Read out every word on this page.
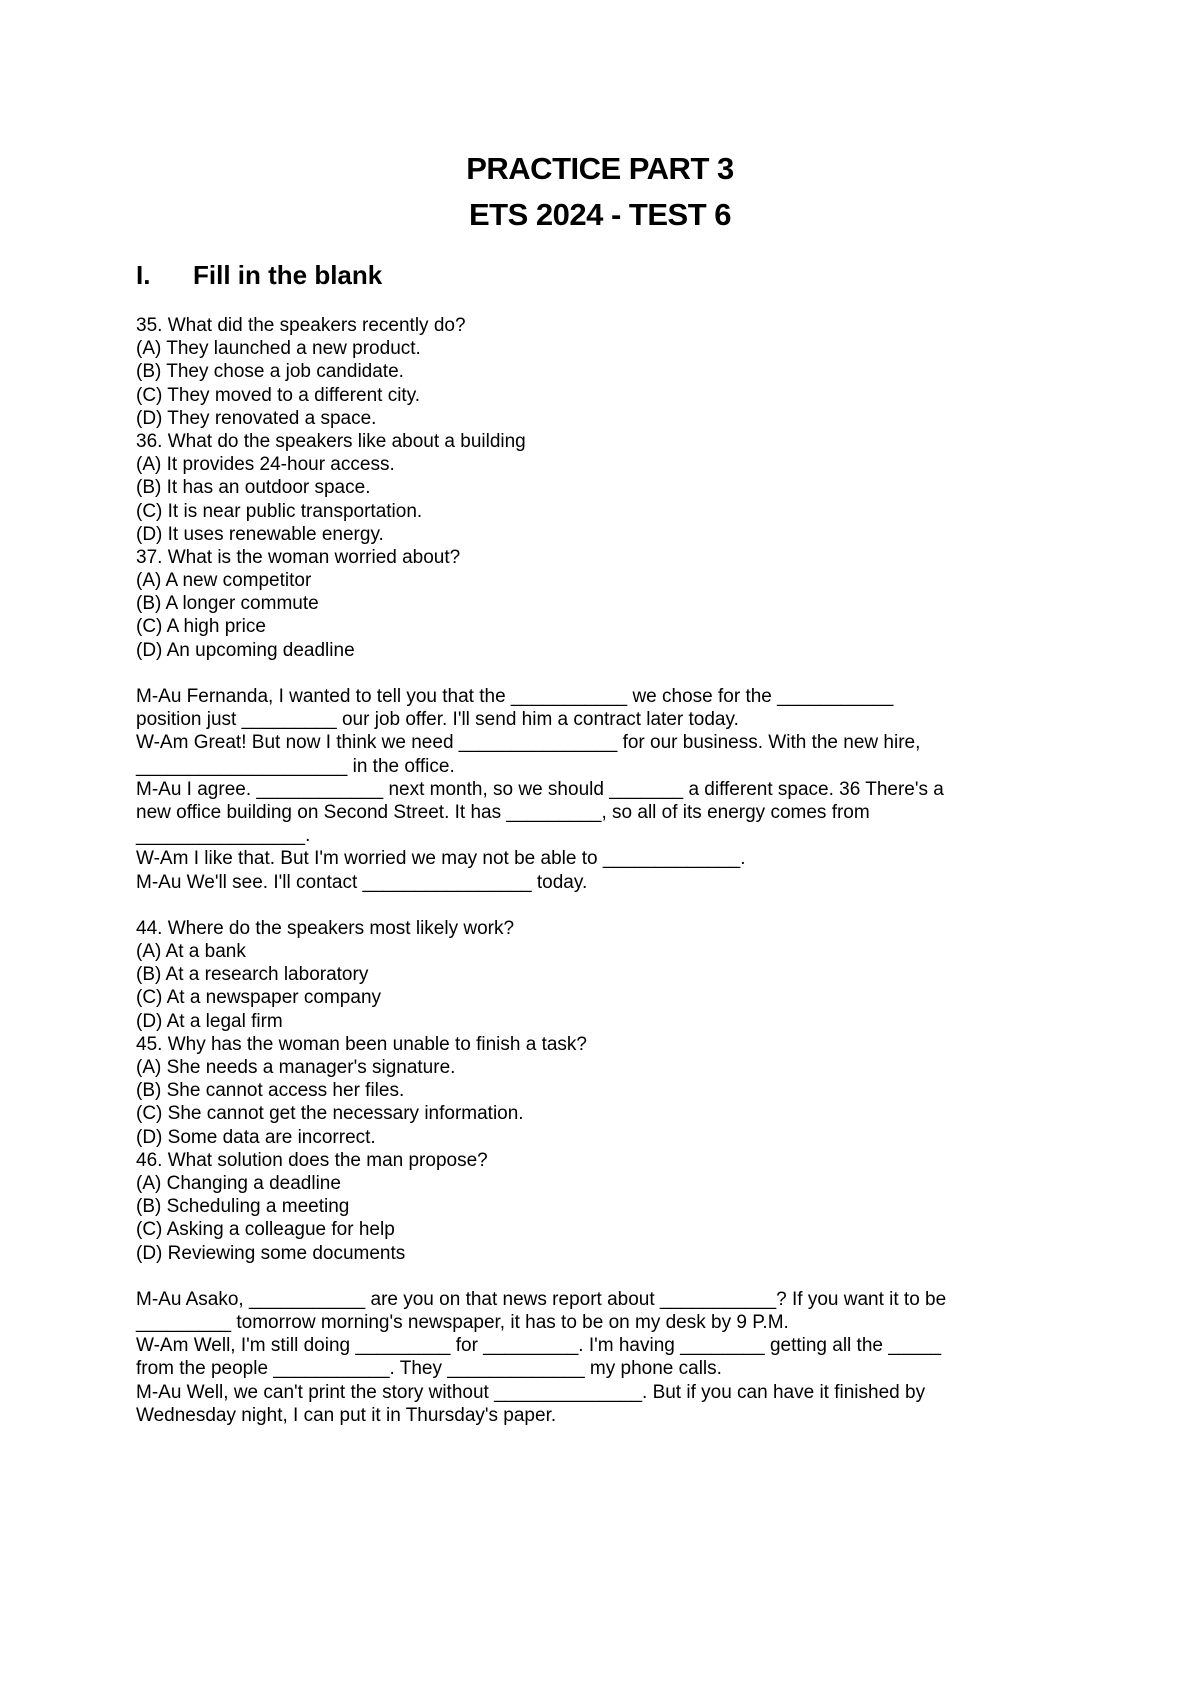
PRACTICE PART 3
ETS 2024 - TEST 6
I. Fill in the blank
35. What did the speakers recently do?
(A) They launched a new product.
(B) They chose a job candidate.
(C) They moved to a different city.
(D) They renovated a space.
36. What do the speakers like about a building
(A) It provides 24-hour access.
(B) It has an outdoor space.
(C) It is near public transportation.
(D) It uses renewable energy.
37. What is the woman worried about?
(A) A new competitor
(B) A longer commute
(C) A high price
(D) An upcoming deadline
M-Au Fernanda, I wanted to tell you that the ___________ we chose for the ___________
position just _________ our job offer. I'll send him a contract later today.
W-Am Great! But now I think we need _______________ for our business. With the new hire,
____________________ in the office.
M-Au I agree. ____________ next month, so we should _______ a different space. 36 There's a
new office building on Second Street. It has _________, so all of its energy comes from
________________.
W-Am I like that. But I'm worried we may not be able to _____________.
M-Au We'll see. I'll contact ________________ today.
44. Where do the speakers most likely work?
(A) At a bank
(B) At a research laboratory
(C) At a newspaper company
(D) At a legal firm
45. Why has the woman been unable to finish a task?
(A) She needs a manager's signature.
(B) She cannot access her files.
(C) She cannot get the necessary information.
(D) Some data are incorrect.
46. What solution does the man propose?
(A) Changing a deadline
(B) Scheduling a meeting
(C) Asking a colleague for help
(D) Reviewing some documents
M-Au Asako, ___________ are you on that news report about ___________? If you want it to be
_________ tomorrow morning's newspaper, it has to be on my desk by 9 P.M.
W-Am Well, I'm still doing _________ for _________. I'm having ________ getting all the _____
from the people ___________. They _____________ my phone calls.
M-Au Well, we can't print the story without ______________. But if you can have it finished by
Wednesday night, I can put it in Thursday's paper.
